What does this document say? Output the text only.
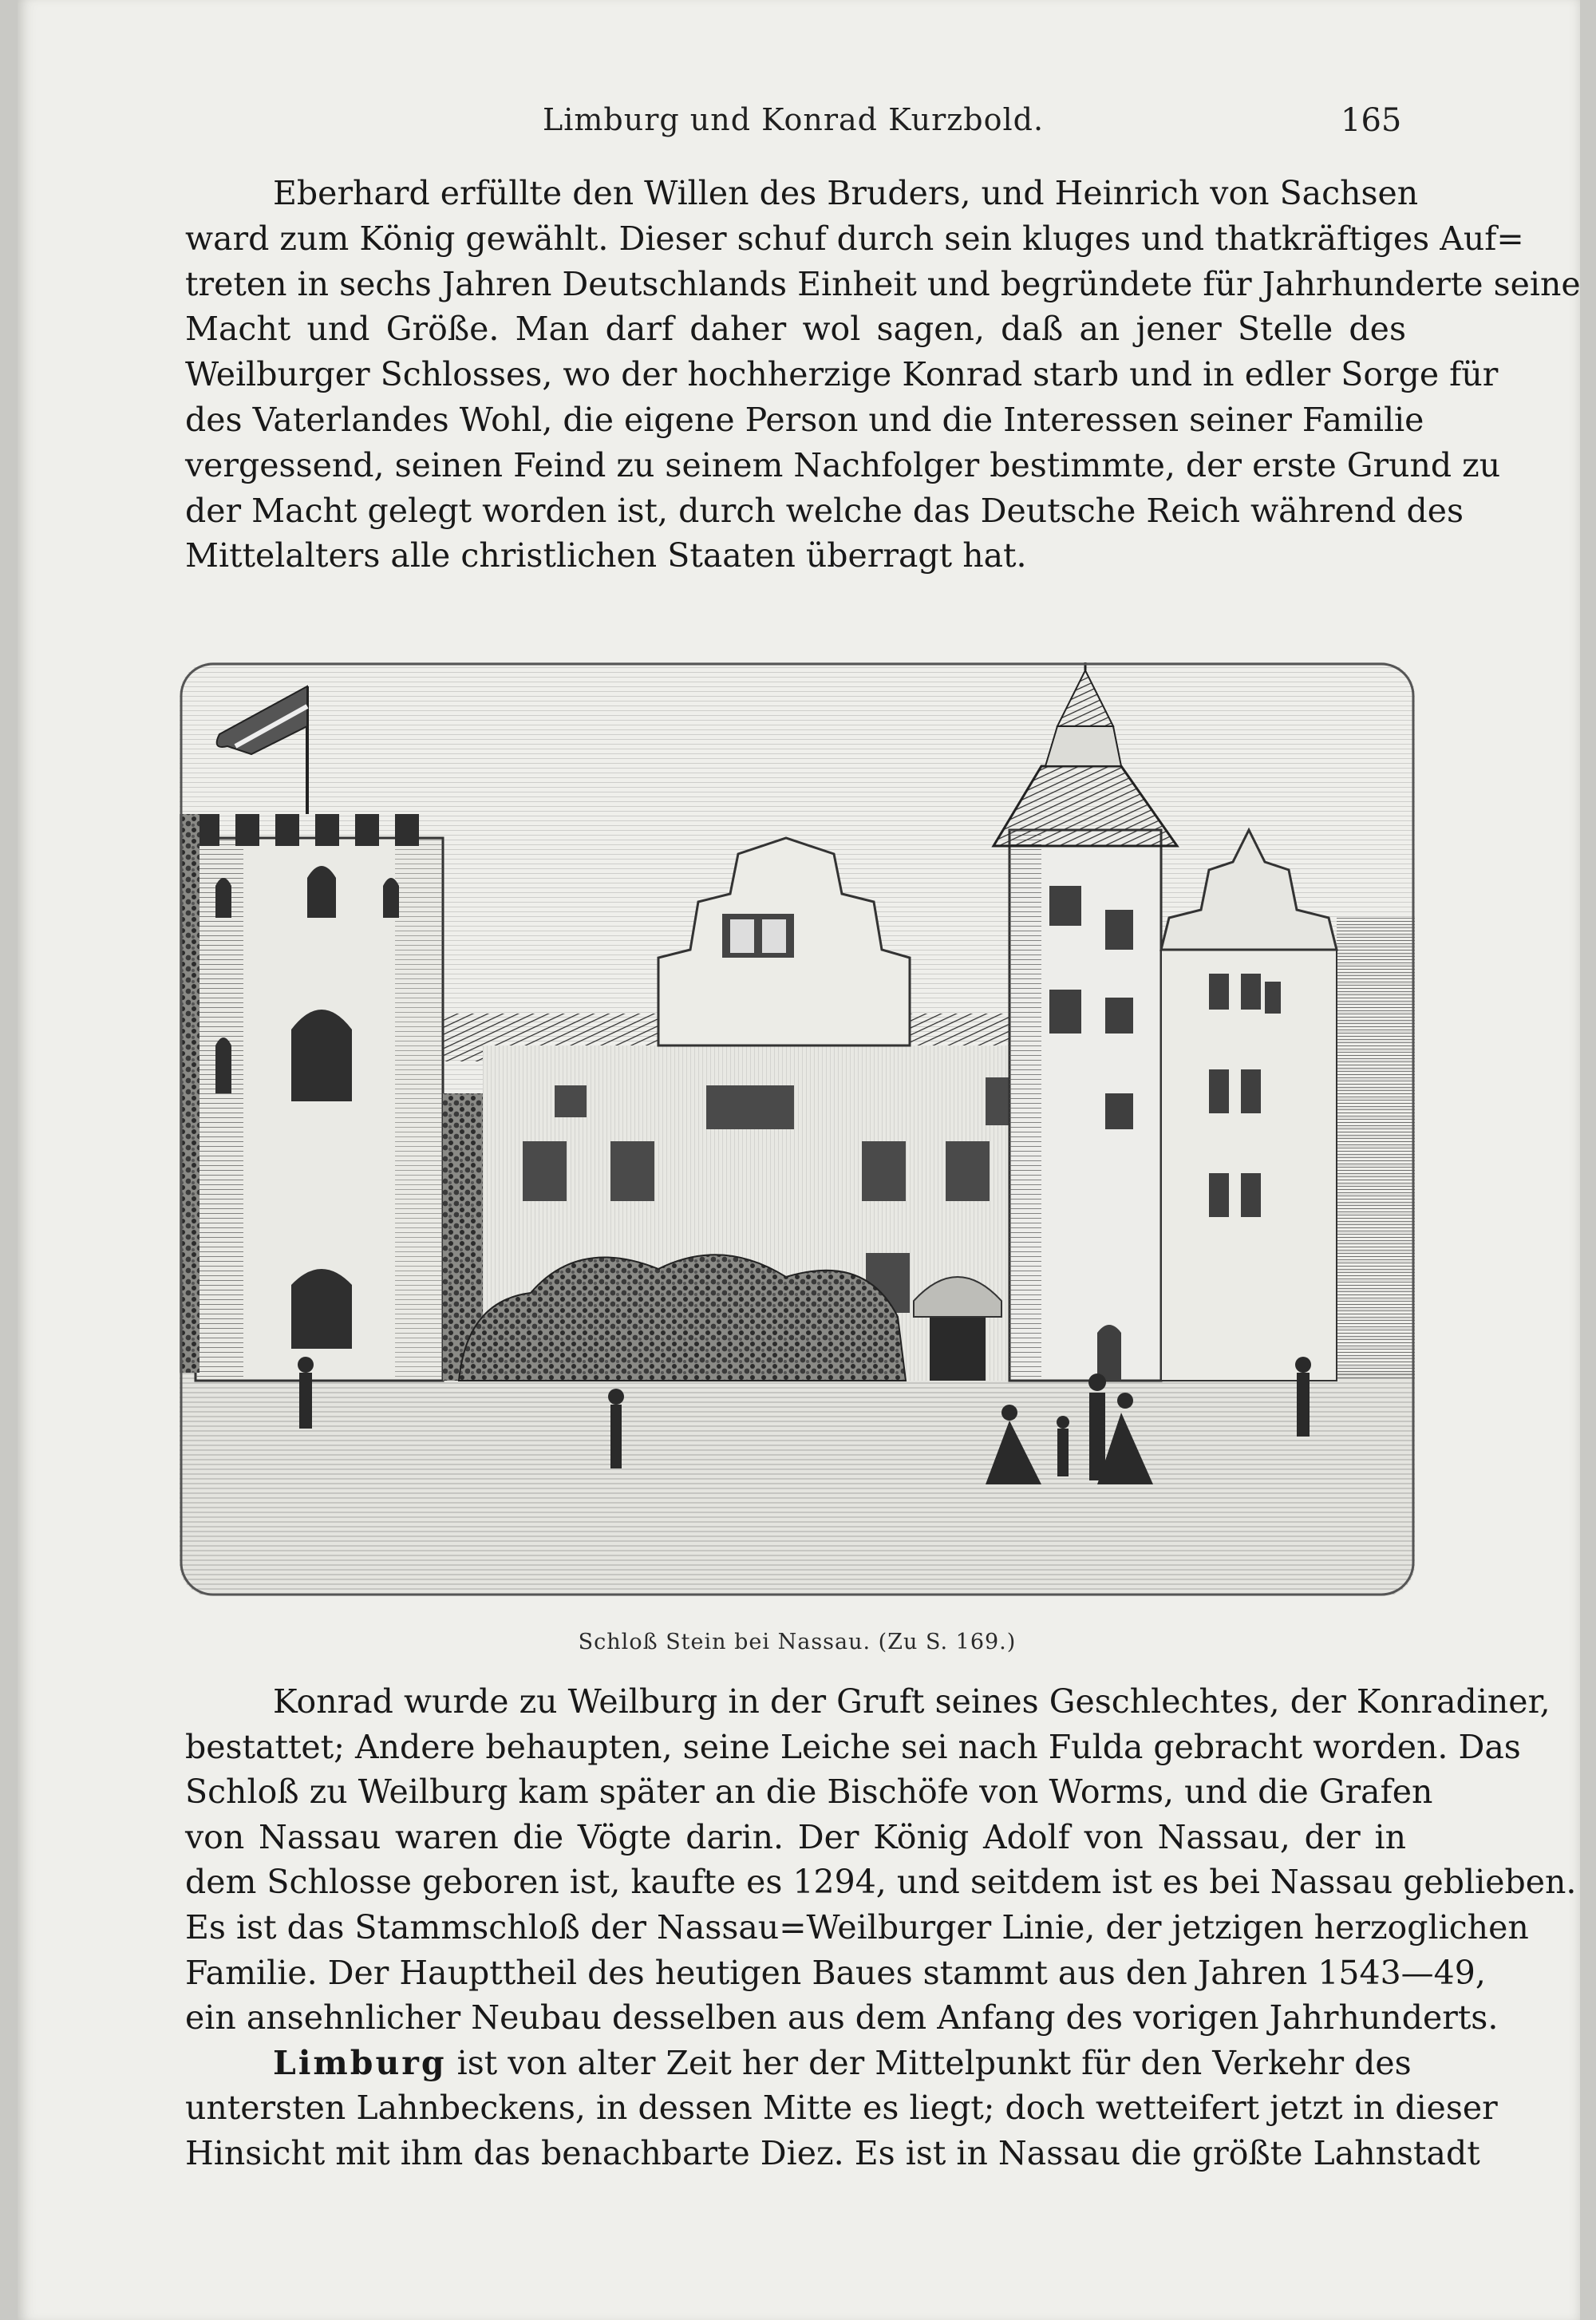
Limburg und Konrad Kurzbold.	165
Eberhard erfüllte den Willen des Bruders, und Heinrich von Sachsen
ward zum König gewählt. Dieser schuf durch sein kluges und thatkräftiges Auf=
treten in sechs Jahren Deutschlands Einheit und begründete für Jahrhunderte seine
Macht und Größe. Man darf daher wol sagen, daß an jener Stelle des
Weilburger Schlosses, wo der hochherzige Konrad starb und in edler Sorge für
des Vaterlandes Wohl, die eigene Person und die Interessen seiner Familie
vergessend, seinen Feind zu seinem Nachfolger bestimmte, der erste Grund zu
der Macht gelegt worden ist, durch welche das Deutsche Reich während des
Mittelalters alle christlichen Staaten überragt hat.
Schloß Stein bei Nassau. (Zu S. 169.)
Konrad wurde zu Weilburg in der Gruft seines Geschlechtes, der Konradiner,
bestattet; Andere behaupten, seine Leiche sei nach Fulda gebracht worden. Das
Schloß zu Weilburg kam später an die Bischöfe von Worms, und die Grafen
von Nassau waren die Vögte darin. Der König Adolf von Nassau, der in
dem Schlosse geboren ist, kaufte es 1294, und seitdem ist es bei Nassau geblieben.
Es ist das Stammschloß der Nassau=Weilburger Linie, der jetzigen herzoglichen
Familie. Der Haupttheil des heutigen Baues stammt aus den Jahren 1543—49,
ein ansehnlicher Neubau desselben aus dem Anfang des vorigen Jahrhunderts.
Limburg ist von alter Zeit her der Mittelpunkt für den Verkehr des
untersten Lahnbeckens, in dessen Mitte es liegt; doch wetteifert jetzt in dieser
Hinsicht mit ihm das benachbarte Diez. Es ist in Nassau die größte Lahnstadt
